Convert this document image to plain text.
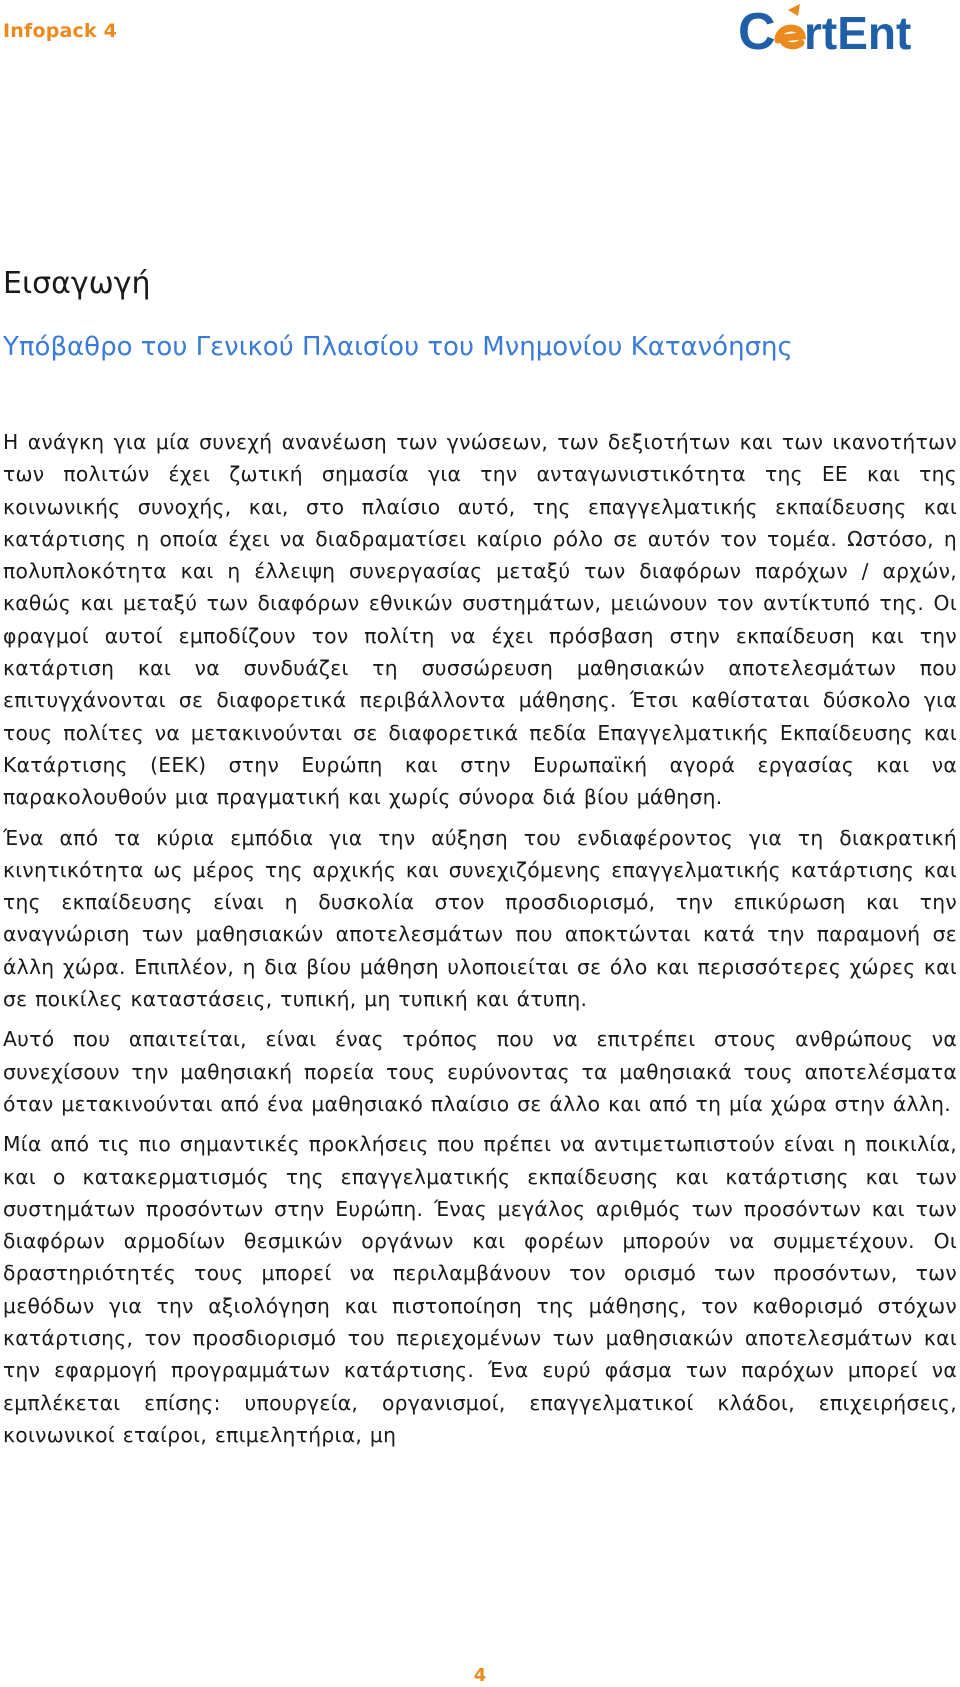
Infopack 4	C rtEnt
Εισαγωγή
Υπόβαθρο του Γενικού Πλαισίου του Μνημονίου Κατανόησης

Η ανάγκη για μία συνεχή ανανέωση των γνώσεων, των δεξιοτήτων και των ικανοτήτων των πολιτών έχει ζωτική σημασία για την ανταγωνιστικότητα της ΕΕ και της κοινωνικής συνοχής, και, στο πλαίσιο αυτό, της επαγγελματικής εκπαίδευσης και κατάρτισης η οποία έχει να διαδραματίσει καίριο ρόλο σε αυτόν τον τομέα. Ωστόσο, η πολυπλοκότητα και η έλλειψη συνεργασίας μεταξύ των διαφόρων παρόχων / αρχών, καθώς και μεταξύ των διαφόρων εθνικών συστημάτων, μειώνουν τον αντίκτυπό της. Οι φραγμοί αυτοί εμποδίζουν τον πολίτη να έχει πρόσβαση στην εκπαίδευση και την κατάρτιση και να συνδυάζει τη συσσώρευση μαθησιακών αποτελεσμάτων που επιτυγχάνονται σε διαφορετικά περιβάλλοντα μάθησης. Έτσι καθίσταται δύσκολο για τους πολίτες να μετακινούνται σε διαφορετικά πεδία Επαγγελματικής Εκπαίδευσης και Κατάρτισης (ΕΕΚ) στην Ευρώπη και στην Ευρωπαϊκή αγορά εργασίας και να παρακολουθούν μια πραγματική και χωρίς σύνορα διά βίου μάθηση.

Ένα από τα κύρια εμπόδια για την αύξηση του ενδιαφέροντος για τη διακρατική κινητικότητα ως μέρος της αρχικής και συνεχιζόμενης επαγγελματικής κατάρτισης και της εκπαίδευσης είναι η δυσκολία στον προσδιορισμό, την επικύρωση και την αναγνώριση των μαθησιακών αποτελεσμάτων που αποκτώνται κατά την παραμονή σε άλλη χώρα. Επιπλέον, η δια βίου μάθηση υλοποιείται σε όλο και περισσότερες χώρες και σε ποικίλες καταστάσεις, τυπική, μη τυπική και άτυπη.

Αυτό που απαιτείται, είναι ένας τρόπος που να επιτρέπει στους ανθρώπους να συνεχίσουν την μαθησιακή πορεία τους ευρύνοντας τα μαθησιακά τους αποτελέσματα όταν μετακινούνται από ένα μαθησιακό πλαίσιο σε άλλο και από τη μία χώρα στην άλλη.

Μία από τις πιο σημαντικές προκλήσεις που πρέπει να αντιμετωπιστούν είναι η ποικιλία, και ο κατακερματισμός της επαγγελματικής εκπαίδευσης και κατάρτισης και των συστημάτων προσόντων στην Ευρώπη. Ένας μεγάλος αριθμός των προσόντων και των διαφόρων αρμοδίων θεσμικών οργάνων και φορέων μπορούν να συμμετέχουν. Οι δραστηριότητές τους μπορεί να περιλαμβάνουν τον ορισμό των προσόντων, των μεθόδων για την αξιολόγηση και πιστοποίηση της μάθησης, τον καθορισμό στόχων κατάρτισης, τον προσδιορισμό του περιεχομένων των μαθησιακών αποτελεσμάτων και την εφαρμογή προγραμμάτων κατάρτισης. Ένα ευρύ φάσμα των παρόχων μπορεί να εμπλέκεται επίσης: υπουργεία, οργανισμοί, επαγγελματικοί κλάδοι, επιχειρήσεις, κοινωνικοί εταίροι, επιμελητήρια, μη

4
